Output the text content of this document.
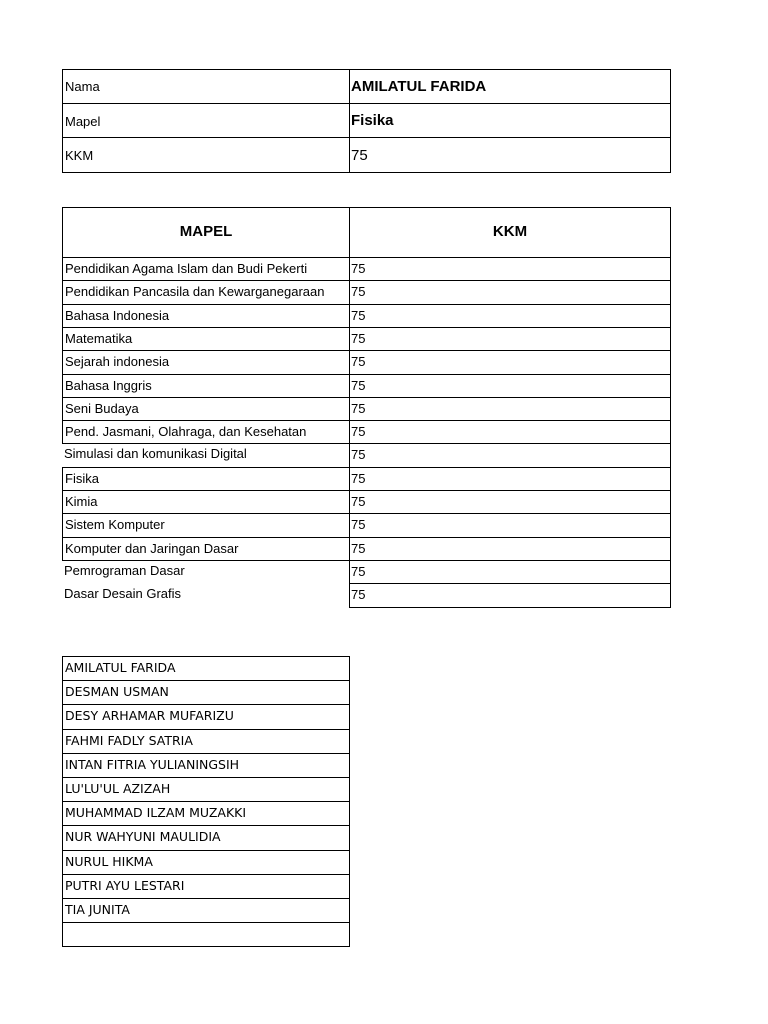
Nama	AMILATUL FARIDA
Mapel	Fisika
KKM	75
MAPEL	KKM
Pendidikan Agama Islam dan Budi Pekerti	75
Pendidikan Pancasila dan Kewarganegaraan 75
Bahasa Indonesia	75
Matematika	75
Sejarah indonesia	75
Bahasa Inggris	75
Seni Budaya	75
Pend. Jasmani, Olahraga, dan Kesehatan	75
Simulasi dan komunikasi Digital	75
Fisika	75
Kimia	75
Sistem Komputer	75
Komputer dan Jaringan Dasar	75
Pemrograman Dasar	75
Dasar Desain Grafis	75
AMILATUL FARIDA
DESMAN USMAN
DESY ARHAMAR MUFARIZU
FAHMI FADLY SATRIA
INTAN FITRIA YULIANINGSIH
LU'LU'UL AZIZAH
MUHAMMAD ILZAM MUZAKKI
NUR WAHYUNI MAULIDIA
NURUL HIKMA
PUTRI AYU LESTARI
TIA JUNITA
